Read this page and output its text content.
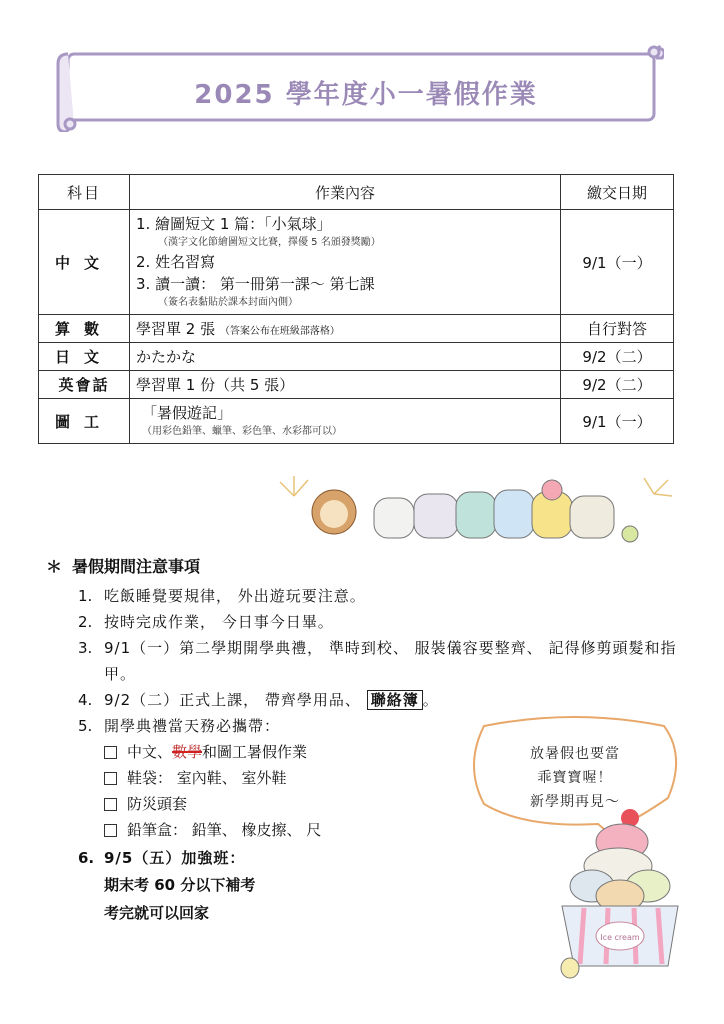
2025 學年度小一暑假作業
科目	作業內容	繳交日期
中文	1. 繪圖短文 1 篇：「小氣球」
（漢字文化節繪圖短文比賽，擇優 5 名頒發獎勵）
2. 姓名習寫
3. 讀一讀： 第一冊第一課～ 第七課
（簽名表黏貼於課本封面內側）	9/1（一）
算數	學習單 2 張 （答案公布在班級部落格）	自行對答
日文	かたかな	9/2（二）
英會話	學習單 1 份（共 5 張）	9/2（二）
圖工	「暑假遊記」
（用彩色鉛筆、蠟筆、彩色筆、水彩都可以）	9/1（一）
＊ 暑假期間注意事項
1. 吃飯睡覺要規律， 外出遊玩要注意。
2. 按時完成作業， 今日事今日畢。
3. 9/1（一）第二學期開學典禮， 準時到校、 服裝儀容要整齊、 記得修剪頭髮和指甲。
4. 9/2（二）正式上課， 帶齊學用品、 聯絡簿 。
5. 開學典禮當天務必攜帶：
中文、 數學 和圖工暑假作業
鞋袋： 室內鞋、 室外鞋
防災頭套
鉛筆盒： 鉛筆、 橡皮擦、 尺
6. 9/5（五）加強班：
期末考 60 分以下補考
考完就可以回家
放暑假也要當
乖寶寶喔！
新學期再見～
Ice cream
